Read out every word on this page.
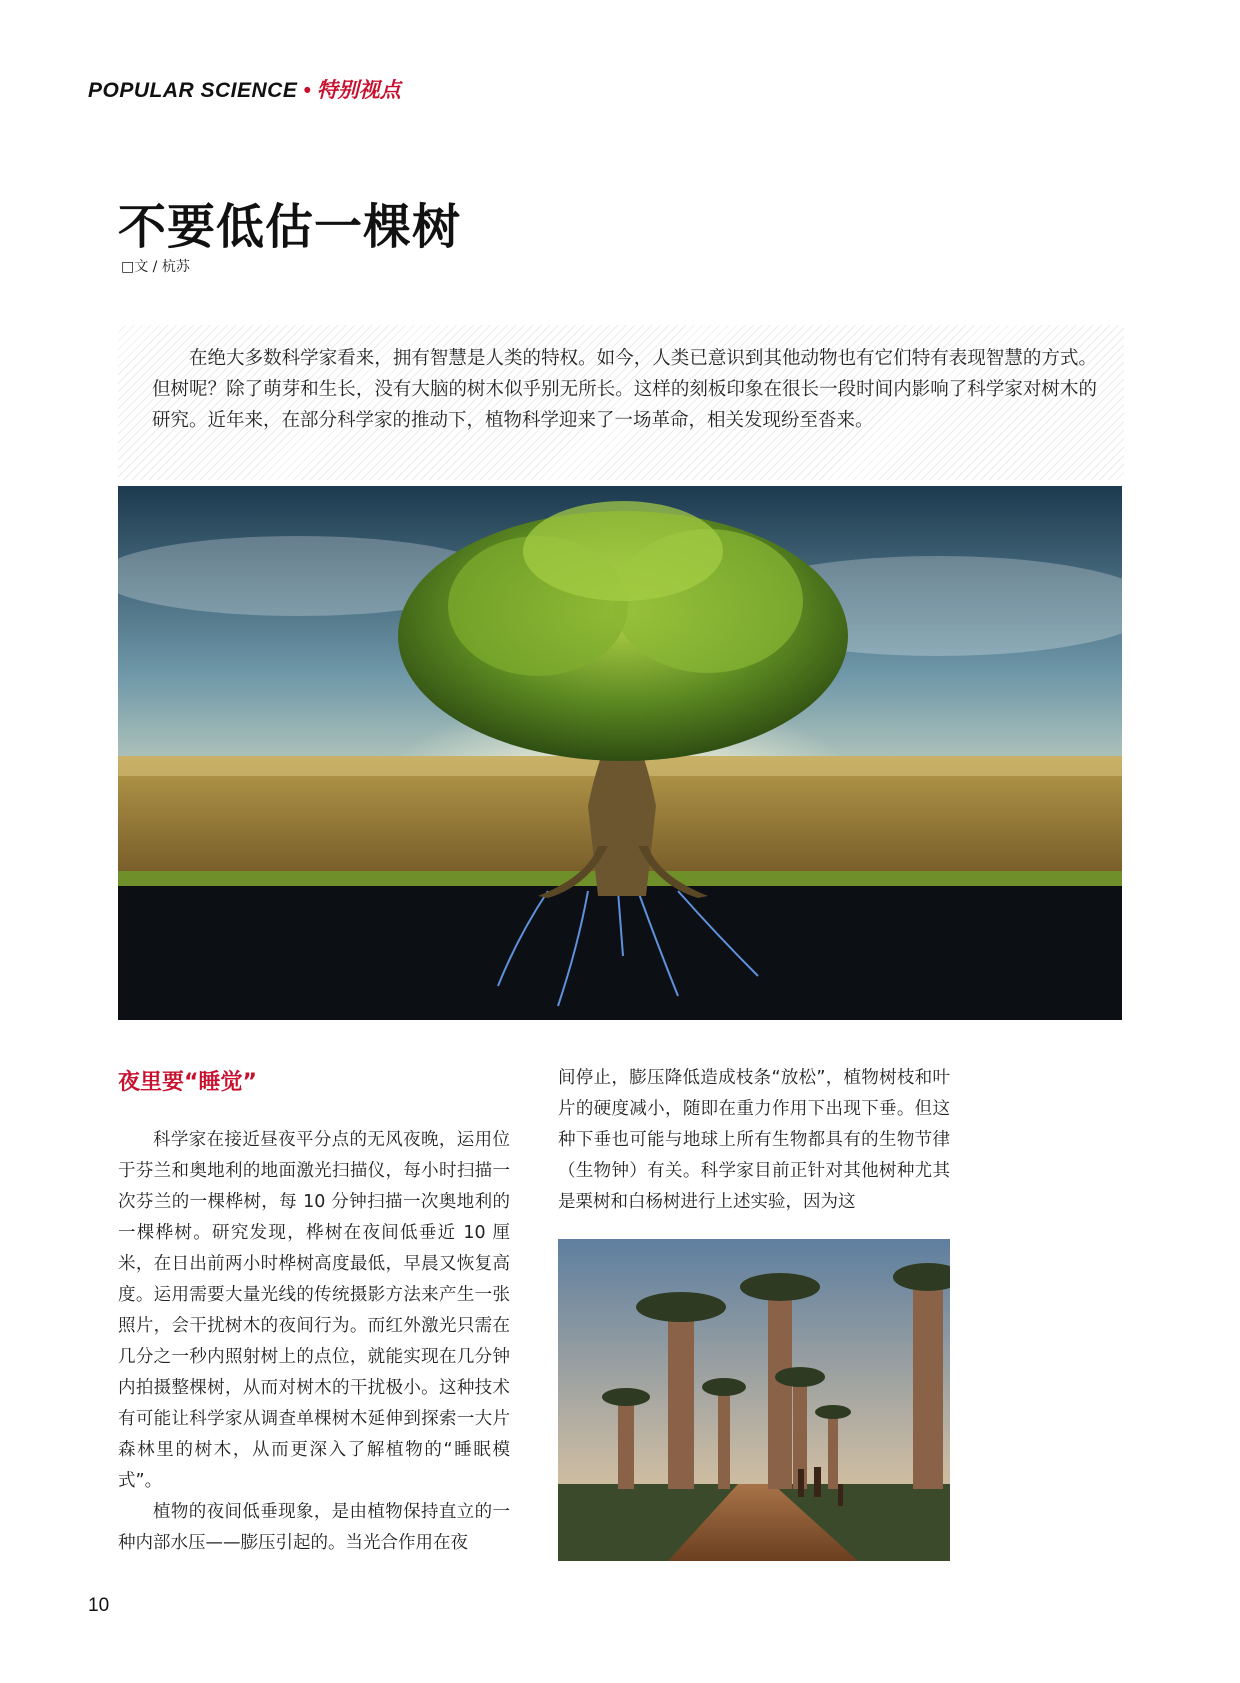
POPULAR SCIENCE • 特别视点
不要低估一棵树
□文 / 杭苏

在绝大多数科学家看来，拥有智慧是人类的特权。如今，人类已意识到其他动物也有它们特有表现智慧的方式。但树呢？除了萌芽和生长，没有大脑的树木似乎别无所长。这样的刻板印象在很长一段时间内影响了科学家对树木的研究。近年来，在部分科学家的推动下，植物科学迎来了一场革命，相关发现纷至沓来。

夜里要“睡觉”

科学家在接近昼夜平分点的无风夜晚，运用位于芬兰和奥地利的地面激光扫描仪，每小时扫描一次芬兰的一棵桦树，每 10 分钟扫描一次奥地利的一棵桦树。研究发现，桦树在夜间低垂近 10 厘米，在日出前两小时桦树高度最低，早晨又恢复高度。运用需要大量光线的传统摄影方法来产生一张照片，会干扰树木的夜间行为。而红外激光只需在几分之一秒内照射树上的点位，就能实现在几分钟内拍摄整棵树，从而对树木的干扰极小。这种技术有可能让科学家从调查单棵树木延伸到探索一大片森林里的树木，从而更深入了解植物的“睡眠模式”。

植物的夜间低垂现象，是由植物保持直立的一种内部水压——膨压引起的。当光合作用在夜

间停止，膨压降低造成枝条“放松”，植物树枝和叶片的硬度减小，随即在重力作用下出现下垂。但这种下垂也可能与地球上所有生物都具有的生物节律（生物钟）有关。科学家目前正针对其他树种尤其是栗树和白杨树进行上述实验，因为这

10
